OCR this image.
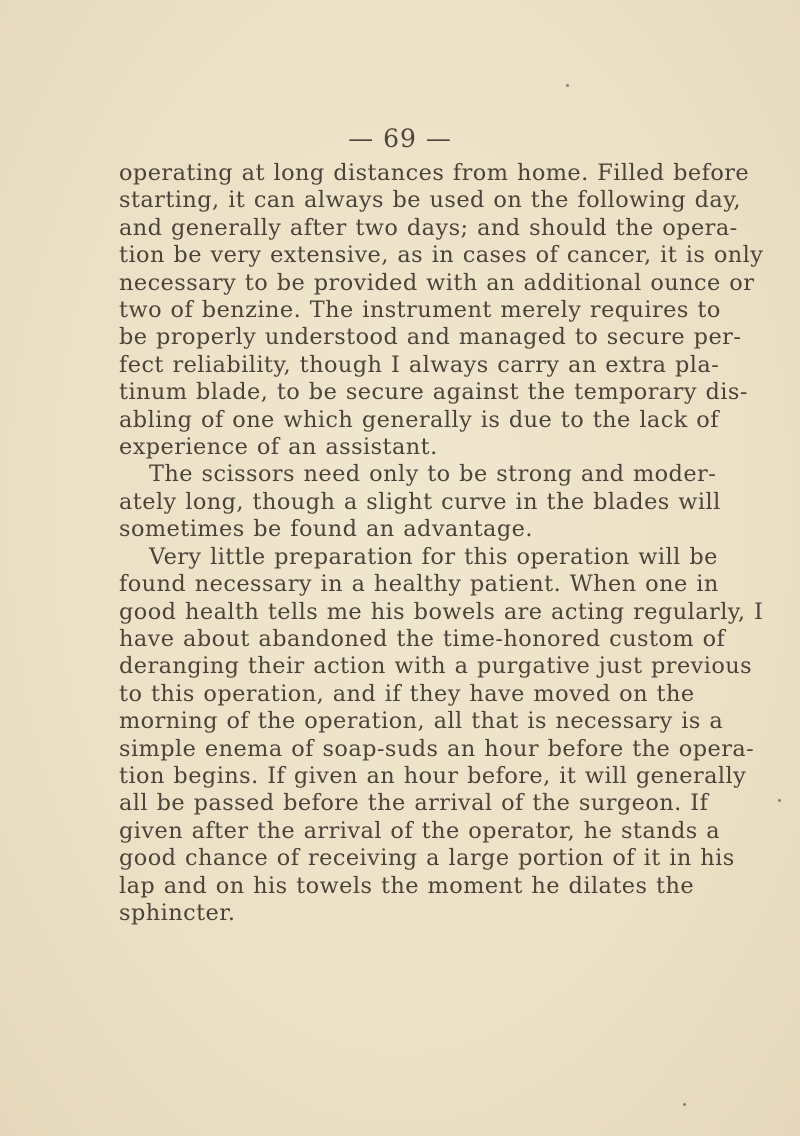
— 69 —
operating at long distances from home. Filled before
starting, it can always be used on the following day,
and generally after two days; and should the opera-
tion be very extensive, as in cases of cancer, it is only
necessary to be provided with an additional ounce or
two of benzine. The instrument merely requires to
be properly understood and managed to secure per-
fect reliability, though I always carry an extra pla-
tinum blade, to be secure against the temporary dis-
abling of one which generally is due to the lack of
experience of an assistant.
The scissors need only to be strong and moder-
ately long, though a slight curve in the blades will
sometimes be found an advantage.
Very little preparation for this operation will be
found necessary in a healthy patient. When one in
good health tells me his bowels are acting regularly, I
have about abandoned the time-honored custom of
deranging their action with a purgative just previous
to this operation, and if they have moved on the
morning of the operation, all that is necessary is a
simple enema of soap-suds an hour before the opera-
tion begins. If given an hour before, it will generally
all be passed before the arrival of the surgeon. If
given after the arrival of the operator, he stands a
good chance of receiving a large portion of it in his
lap and on his towels the moment he dilates the
sphincter.
